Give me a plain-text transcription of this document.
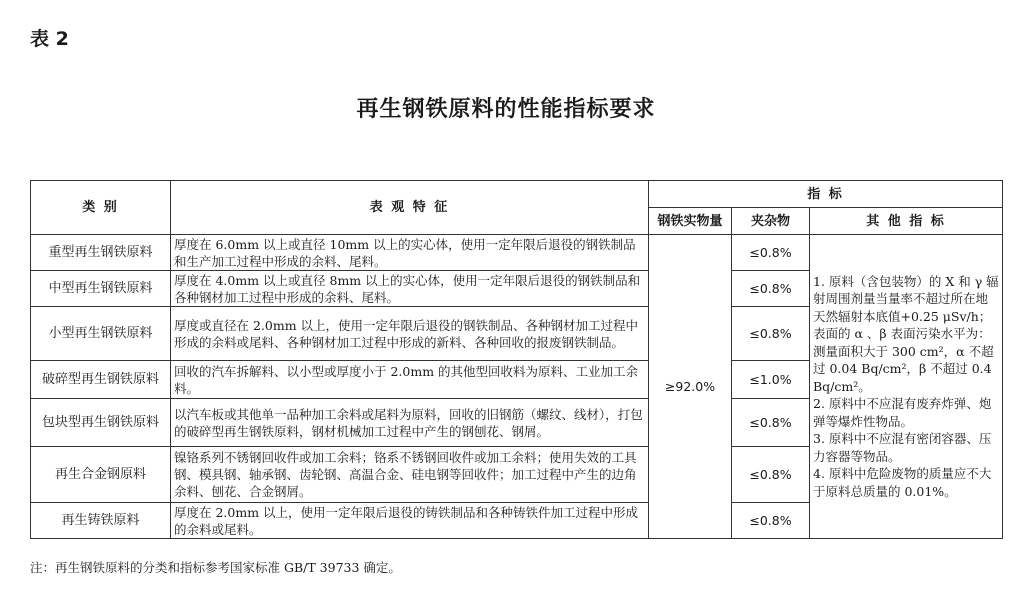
表 2
再生钢铁原料的性能指标要求
类 别	表 观 特 征	指 标		
		钢铁实物量	夹杂物	其 他 指 标
重型再生钢铁原料	厚度在 6.0mm 以上或直径 10mm 以上的实心体，使用一定年限后退役的钢铁制品和生产加工过程中形成的余料、尾料。	≥92.0%	≤0.8%	1. 原料（含包装物）的 X 和 γ 辐射周围剂量当量率不超过所在地天然辐射本底值+0.25 μSv/h；表面的 α 、β 表面污染水平为：测量面积大于 300 cm²，α 不超过 0.04 Bq/cm²，β 不超过 0.4 Bq/cm²。
2. 原料中不应混有废弃炸弹、炮弹等爆炸性物品。
3. 原料中不应混有密闭容器、压力容器等物品。
4. 原料中危险废物的质量应不大于原料总质量的 0.01%。

中型再生钢铁原料	厚度在 4.0mm 以上或直径 8mm 以上的实心体，使用一定年限后退役的钢铁制品和各种钢材加工过程中形成的余料、尾料。		≤0.8%	
小型再生钢铁原料	厚度或直径在 2.0mm 以上，使用一定年限后退役的钢铁制品、各种钢材加工过程中形成的余料或尾料、各种钢材加工过程中形成的新料、各种回收的报废钢铁制品。		≤0.8%	
破碎型再生钢铁原料	回收的汽车拆解料、以小型或厚度小于 2.0mm 的其他型回收料为原料、工业加工余料。		≤1.0%	
包块型再生钢铁原料	以汽车板或其他单一品种加工余料或尾料为原料，回收的旧钢筋（螺纹、线材），打包的破碎型再生钢铁原料，钢材机械加工过程中产生的钢刨花、钢屑。		≤0.8%	
再生合金钢原料	镍铬系列不锈钢回收件或加工余料；铬系不锈钢回收件或加工余料；使用失效的工具钢、模具钢、轴承钢、齿轮钢、高温合金、硅电钢等回收件；加工过程中产生的边角余料、刨花、合金钢屑。		≤0.8%	
再生铸铁原料	厚度在 2.0mm 以上，使用一定年限后退役的铸铁制品和各种铸铁件加工过程中形成的余料或尾料。		≤0.8%	
注：再生钢铁原料的分类和指标参考国家标准 GB/T 39733 确定。
